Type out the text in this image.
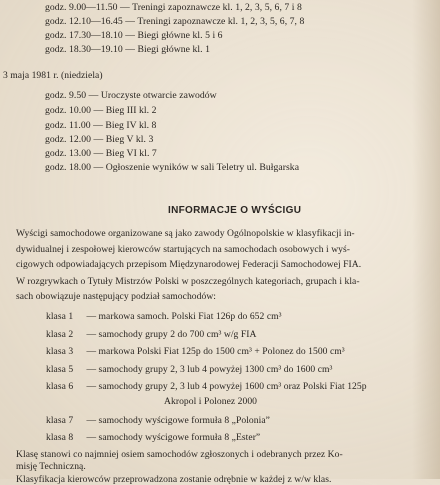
godz. 9.00—11.50 — Treningi zapoznawcze kl. 1, 2, 3, 5, 6, 7 i 8
godz. 12.10—16.45 — Treningi zapoznawcze kl. 1, 2, 3, 5, 6, 7, 8
godz. 17.30—18.10 — Biegi główne kl. 5 i 6
godz. 18.30—19.10 — Biegi główne kl. 1
3 maja 1981 r. (niedziela)
godz. 9.50 — Uroczyste otwarcie zawodów
godz. 10.00 — Bieg III kl. 2
godz. 11.00 — Bieg IV kl. 8
godz. 12.00 — Bieg V kl. 3
godz. 13.00 — Bieg VI kl. 7
godz. 18.00 — Ogłoszenie wyników w sali Teletry ul. Bułgarska
INFORMACJE O WYŚCIGU
Wyścigi samochodowe organizowane są jako zawody Ogólnopolskie w klasyfikacji in-
dywidualnej i zespołowej kierowców startujących na samochodach osobowych i wyś-
cigowych odpowiadających przepisom Międzynarodowej Federacji Samochodowej FIA.
W rozgrywkach o Tytuły Mistrzów Polski w poszczególnych kategoriach, grupach i kla-
sach obowiązuje następujący podział samochodów:
klasa 1 — markowa samoch. Polski Fiat 126p do 652 cm³
klasa 2 — samochody grupy 2 do 700 cm³ w/g FIA
klasa 3 — markowa Polski Fiat 125p do 1500 cm³ + Polonez do 1500 cm³
klasa 5 — samochody grupy 2, 3 lub 4 powyżej 1300 cm³ do 1600 cm³
klasa 6 — samochody grupy 2, 3 lub 4 powyżej 1600 cm³ oraz Polski Fiat 125p
Akropol i Polonez 2000
klasa 7 — samochody wyścigowe formuła 8 „Polonia”
klasa 8 — samochody wyścigowe formuła 8 „Ester”
Klasę stanowi co najmniej osiem samochodów zgłoszonych i odebranych przez Ko-
misję Techniczną.
Klasyfikacja kierowców przeprowadzona zostanie odrębnie w każdej z w/w klas.
